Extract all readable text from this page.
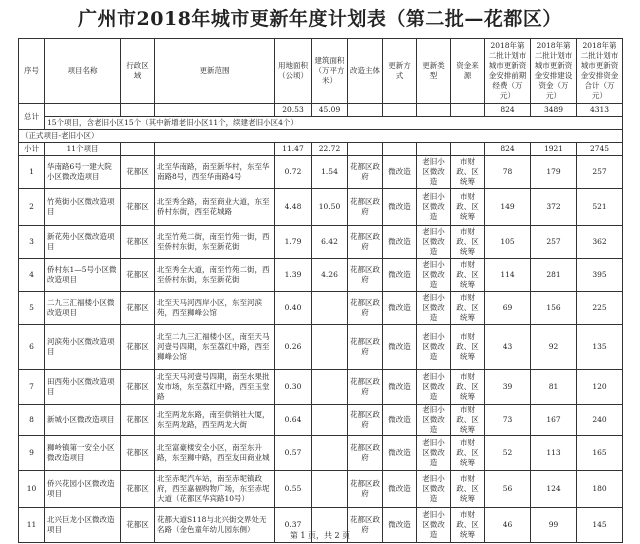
广州市2018年城市更新年度计划表（第二批—花都区）
序号	项目名称	行政区域	更新范围	用地面积（公顷）	建筑面积（万平方米）	改造主体	更新方式	更新类型	资金来源	2018年第二批计划市城市更新资金安排前期经费（万元）	2018年第二批计划市城市更新资金安排建设资金（万元）	2018年第二批计划市城市更新资金安排资金合计（万元）
总计				20.53	45.09					824	3489	4313
	15个项目，含老旧小区15个（其中新增老旧小区11个，续建老旧小区4个）											
（正式项目-老旧小区）												
小计	11个项目			11.47	22.72					824	1921	2745
1	华南路6号一建大院小区微改造项目	花都区	北至华南路，南至新华村，东至华南路8号，西至华南路4号	0.72	1.54	花都区政府	微改造	老旧小区微改造	市财政、区统筹	78	179	257
2	竹苑街小区微改造项目	花都区	北至秀全路，南至商业大道，东至侨村东街，西至花城路	4.48	10.50	花都区政府	微改造	老旧小区微改造	市财政、区统筹	149	372	521
3	新花苑小区微改造项目	花都区	北至竹苑二街，南至竹苑一街，西至侨村东街，东至新花街	1.79	6.42	花都区政府	微改造	老旧小区微改造	市财政、区统筹	105	257	362
4	侨村东1—5号小区微改造项目	花都区	北至秀全大道，南至竹苑二街，西至侨村东街，东至新花街	1.39	4.26	花都区政府	微改造	老旧小区微改造	市财政、区统筹	114	281	395
5	二九三汇福楼小区微改造项目	花都区	北至天马河西岸小区，东至河滨苑，西至狮峰公馆	0.40		花都区政府	微改造	老旧小区微改造	市财政、区统筹	69	156	225
6	河滨苑小区微改造项目	花都区	北至二九三汇福楼小区，南至天马河壹号四期，东至荔红中路，西至狮峰公馆	0.26		花都区政府	微改造	老旧小区微改造	市财政、区统筹	43	92	135
7	田西苑小区微改造项目	花都区	北至天马河壹号四期，南至水果批发市场，东至荔红中路，西至玉堂路	0.30		花都区政府	微改造	老旧小区微改造	市财政、区统筹	39	81	120
8	新城小区微改造项目	花都区	北至两龙东路，南至供销社大厦，东至两龙路，西至两龙大街	0.64		花都区政府	微改造	老旧小区微改造	市财政、区统筹	73	167	240
9	狮岭镇第一安全小区微改造项目	花都区	北至富豪楼安全小区，南至东升路，东至狮中路，西至友田商业城	0.57		花都区政府	微改造	老旧小区微改造	市财政、区统筹	52	113	165
10	侨兴花园小区微改造项目	花都区	北至赤坭汽车站，南至赤坭镇政府，西至嘉福购物广场，东至赤坭大道（花都区华宾路10号）	0.55		花都区政府	微改造	老旧小区微改造	市财政、区统筹	56	124	180
11	北兴巨龙小区微改造项目	花都区	花都大道S118与北兴街交界处无名路（金色童年幼儿园东侧）	0.37		花都区政府	微改造	老旧小区微改造	市财政、区统筹	46	99	145
第 1 页，共 2 页
